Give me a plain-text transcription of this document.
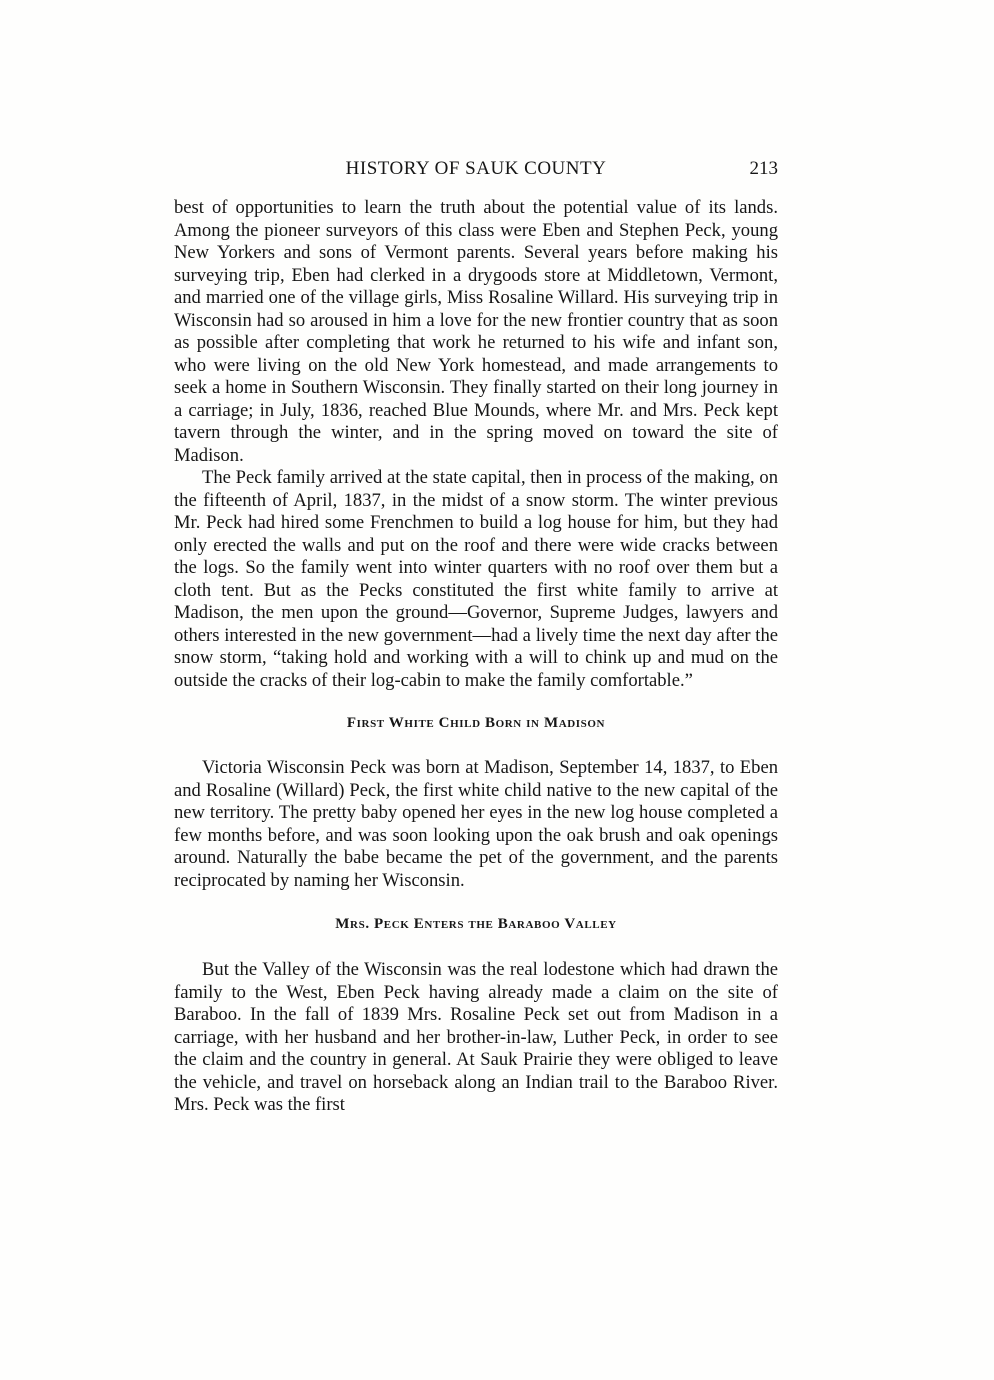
HISTORY OF SAUK COUNTY	213

best of opportunities to learn the truth about the potential value of its lands. Among the pioneer surveyors of this class were Eben and Stephen Peck, young New Yorkers and sons of Vermont parents. Several years before making his surveying trip, Eben had clerked in a drygoods store at Middletown, Vermont, and married one of the village girls, Miss Rosaline Willard. His surveying trip in Wisconsin had so aroused in him a love for the new frontier country that as soon as possible after completing that work he returned to his wife and infant son, who were living on the old New York homestead, and made arrangements to seek a home in Southern Wisconsin. They finally started on their long journey in a carriage; in July, 1836, reached Blue Mounds, where Mr. and Mrs. Peck kept tavern through the winter, and in the spring moved on toward the site of Madison.

The Peck family arrived at the state capital, then in process of the making, on the fifteenth of April, 1837, in the midst of a snow storm. The winter previous Mr. Peck had hired some Frenchmen to build a log house for him, but they had only erected the walls and put on the roof and there were wide cracks between the logs. So the family went into winter quarters with no roof over them but a cloth tent. But as the Pecks constituted the first white family to arrive at Madison, the men upon the ground—Governor, Supreme Judges, lawyers and others interested in the new government—had a lively time the next day after the snow storm, “taking hold and working with a will to chink up and mud on the outside the cracks of their log-cabin to make the family comfortable.”

First White Child Born in Madison

Victoria Wisconsin Peck was born at Madison, September 14, 1837, to Eben and Rosaline (Willard) Peck, the first white child native to the new capital of the new territory. The pretty baby opened her eyes in the new log house completed a few months before, and was soon looking upon the oak brush and oak openings around. Naturally the babe became the pet of the government, and the parents reciprocated by naming her Wisconsin.

Mrs. Peck Enters the Baraboo Valley

But the Valley of the Wisconsin was the real lodestone which had drawn the family to the West, Eben Peck having already made a claim on the site of Baraboo. In the fall of 1839 Mrs. Rosaline Peck set out from Madison in a carriage, with her husband and her brother-in-law, Luther Peck, in order to see the claim and the country in general. At Sauk Prairie they were obliged to leave the vehicle, and travel on horseback along an Indian trail to the Baraboo River. Mrs. Peck was the first
